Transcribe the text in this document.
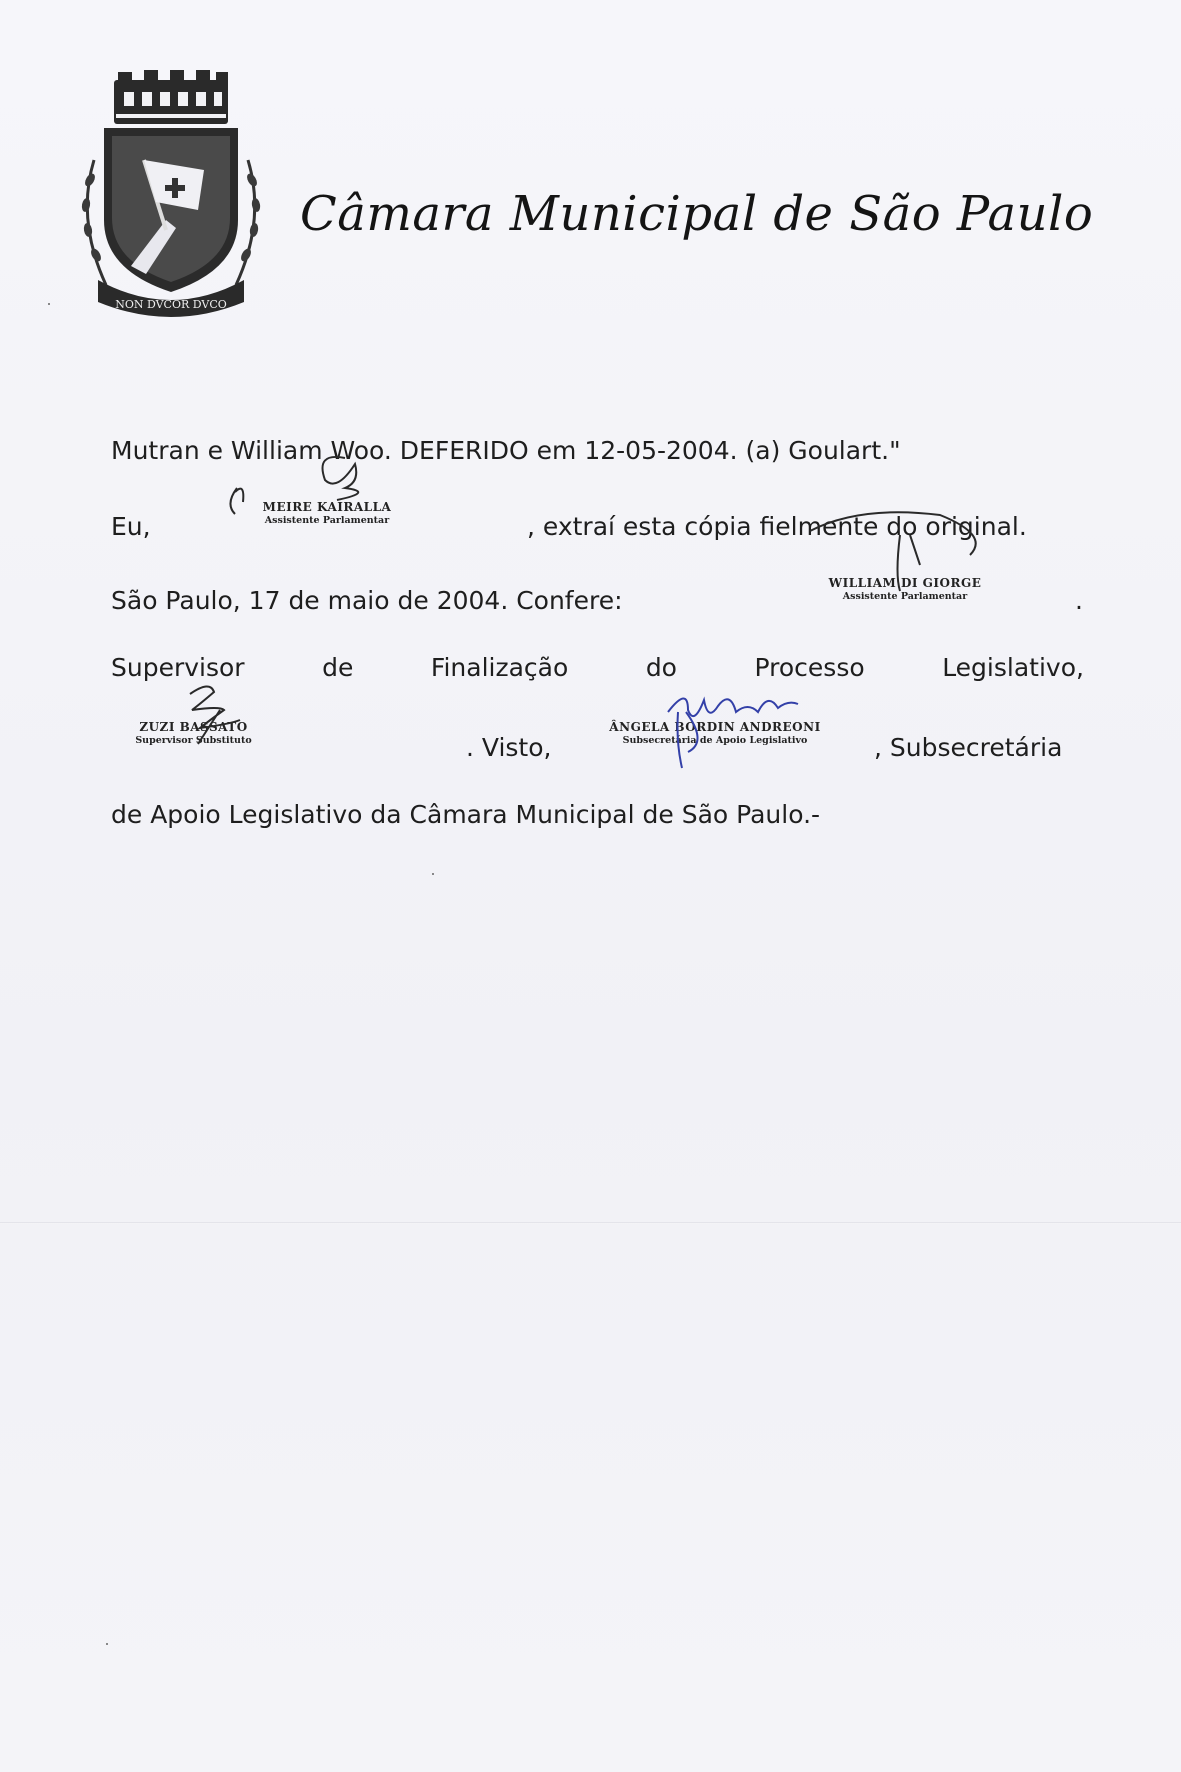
NON DVCOR DVCO
Câmara Municipal de São Paulo
Mutran e William Woo. DEFERIDO em 12-05-2004. (a) Goulart."
Eu,	, extraí esta cópia fielmente do original.
MEIRE KAIRALLA
Assistente Parlamentar
São Paulo, 17 de maio de 2004. Confere:	.
WILLIAM DI GIORGE
Assistente Parlamentar
Supervisor	de	Finalização	do	Processo	Legislativo,
ZUZI BASSATO
Supervisor Substituto	. Visto,
ÂNGELA BORDIN ANDREONI
Subsecretária de Apoio Legislativo	, Subsecretária
de Apoio Legislativo da Câmara Municipal de São Paulo.-
